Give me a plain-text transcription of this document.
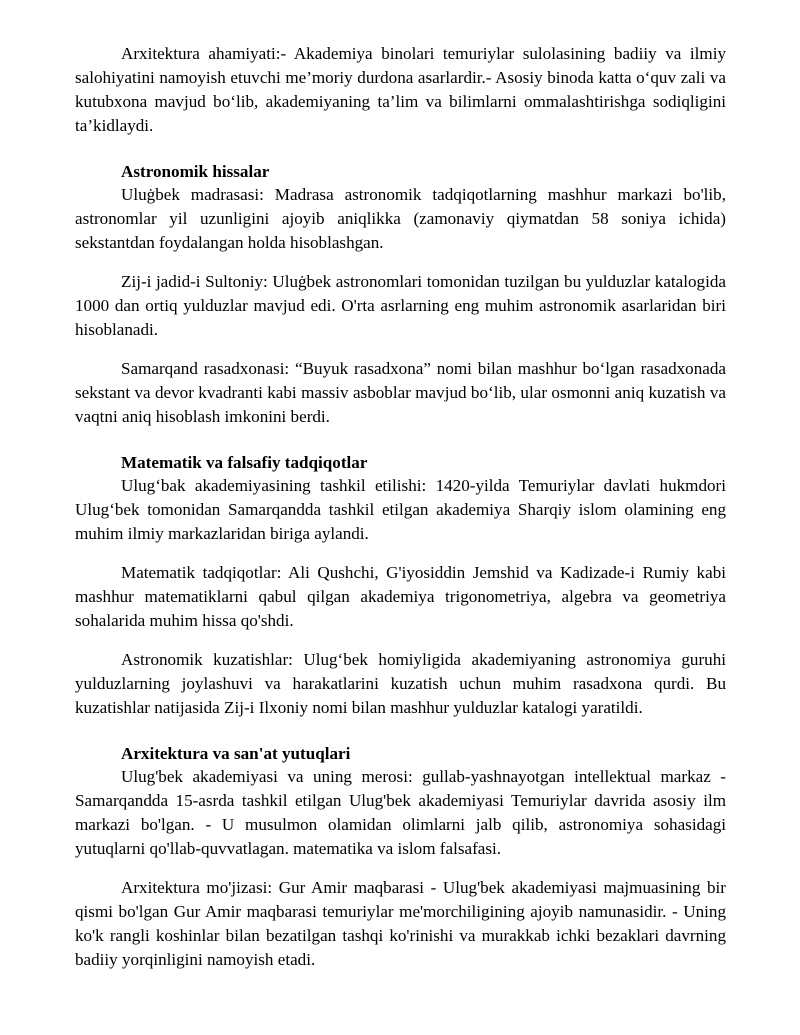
Arxitektura ahamiyati:- Akademiya binolari temuriylar sulolasining badiiy va ilmiy salohiyatini namoyish etuvchi me’moriy durdona asarlardir.- Asosiy binoda katta o‘quv zali va kutubxona mavjud bo‘lib, akademiyaning ta’lim va bilimlarni ommalashtirishga sodiqligini ta’kidlaydi.

Astronomik hissalar

Uluġbek madrasasi: Madrasa astronomik tadqiqotlarning mashhur markazi bo'lib, astronomlar yil uzunligini ajoyib aniqlikka (zamonaviy qiymatdan 58 soniya ichida) sekstantdan foydalangan holda hisoblashgan.

Zij-i jadid-i Sultoniy: Uluġbek astronomlari tomonidan tuzilgan bu yulduzlar katalogida 1000 dan ortiq yulduzlar mavjud edi. O'rta asrlarning eng muhim astronomik asarlaridan biri hisoblanadi.

Samarqand rasadxonasi: “Buyuk rasadxona” nomi bilan mashhur bo‘lgan rasadxonada sekstant va devor kvadranti kabi massiv asboblar mavjud bo‘lib, ular osmonni aniq kuzatish va vaqtni aniq hisoblash imkonini berdi.

Matematik va falsafiy tadqiqotlar

Ulug‘bak akademiyasining tashkil etilishi: 1420-yilda Temuriylar davlati hukmdori Ulug‘bek tomonidan Samarqandda tashkil etilgan akademiya Sharqiy islom olamining eng muhim ilmiy markazlaridan biriga aylandi.

Matematik tadqiqotlar: Ali Qushchi, G'iyosiddin Jemshid va Kadizade-i Rumiy kabi mashhur matematiklarni qabul qilgan akademiya trigonometriya, algebra va geometriya sohalarida muhim hissa qo'shdi.

Astronomik kuzatishlar: Ulug‘bek homiyligida akademiyaning astronomiya guruhi yulduzlarning joylashuvi va harakatlarini kuzatish uchun muhim rasadxona qurdi. Bu kuzatishlar natijasida Zij-i Ilxoniy nomi bilan mashhur yulduzlar katalogi yaratildi.

Arxitektura va san'at yutuqlari

Ulug'bek akademiyasi va uning merosi: gullab-yashnayotgan intellektual markaz - Samarqandda 15-asrda tashkil etilgan Ulug'bek akademiyasi Temuriylar davrida asosiy ilm markazi bo'lgan. - U musulmon olamidan olimlarni jalb qilib, astronomiya sohasidagi yutuqlarni qo'llab-quvvatlagan. matematika va islom falsafasi.

Arxitektura mo'jizasi: Gur Amir maqbarasi - Ulug'bek akademiyasi majmuasining bir qismi bo'lgan Gur Amir maqbarasi temuriylar me'morchiligining ajoyib namunasidir. - Uning ko'k rangli koshinlar bilan bezatilgan tashqi ko'rinishi va murakkab ichki bezaklari davrning badiiy yorqinligini namoyish etadi.
